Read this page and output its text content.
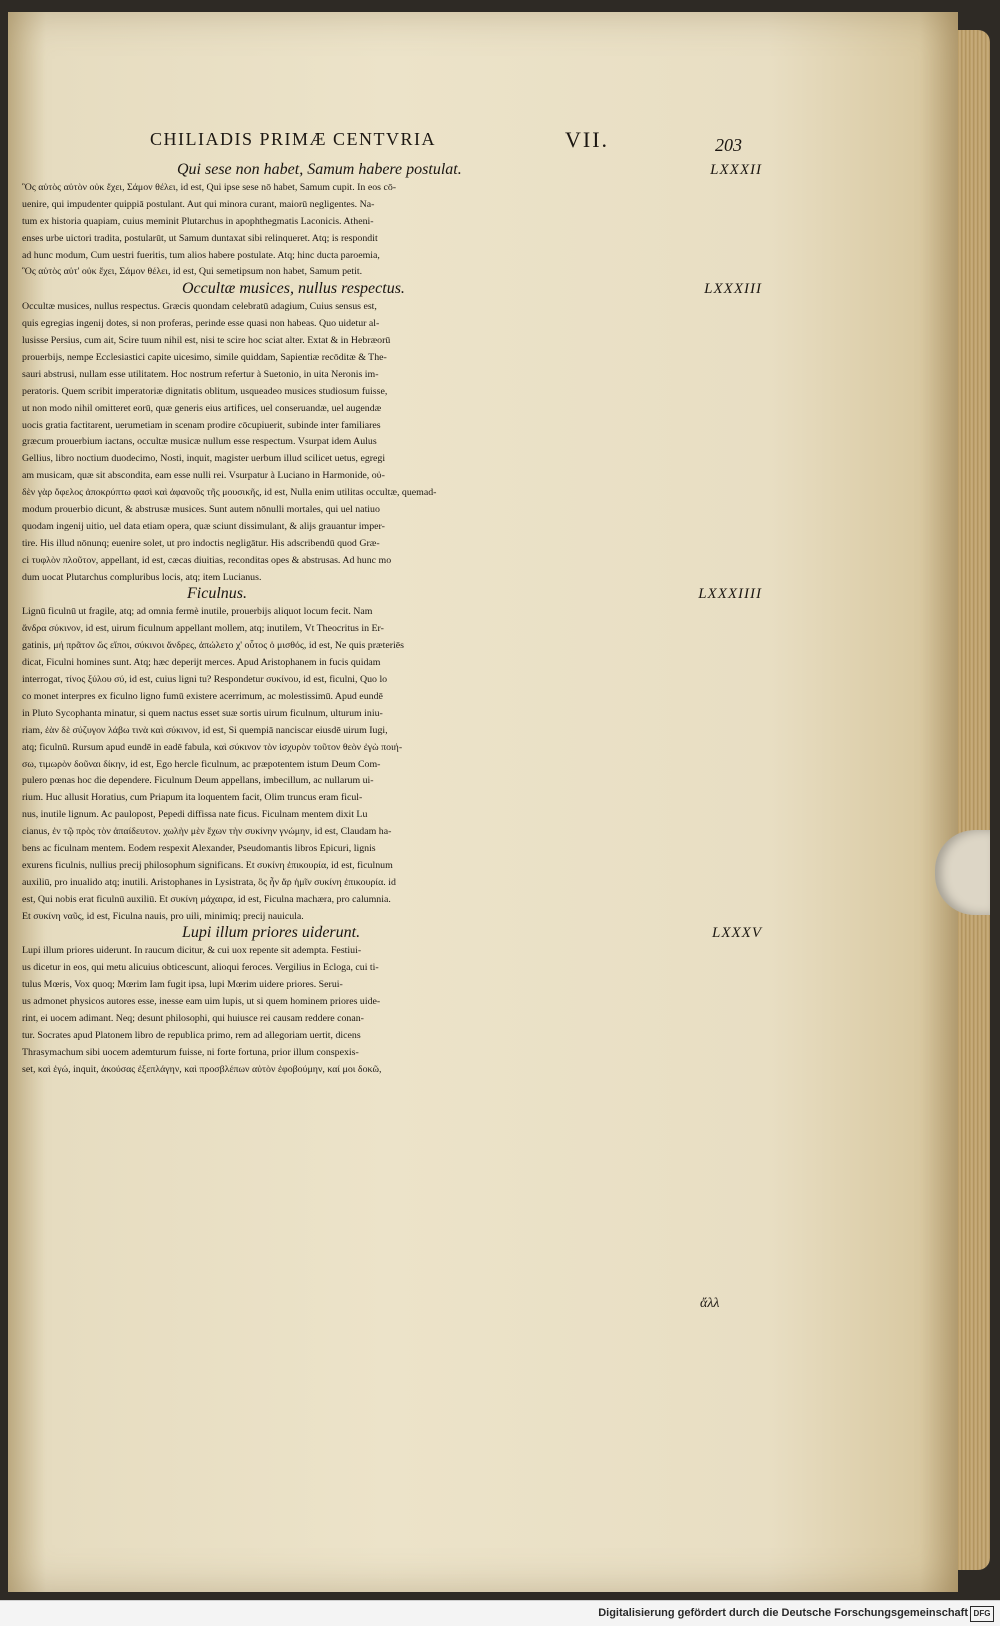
CHILIADIS PRIMÆ CENTVRIA	VII.	203
Qui sese non habet, Samum habere postulat.	LXXXII
Ὃς αὑτὸς αὑτὸν οὐκ ἔχει, Σάμον θέλει, id est, Qui ipse sese nō habet, Samum cupit. In eos cō-
uenire, qui impudenter quippiā postulant. Aut qui minora curant, maiorū negligentes. Na-
tum ex historia quapiam, cuius meminit Plutarchus in apophthegmatis Laconicis. Atheni-
enses urbe uictori tradita, postularūt, ut Samum duntaxat sibi relinqueret. Atq; is respondit
ad hunc modum, Cum uestri fueritis, tum alios habere postulate. Atq; hinc ducta paroemia,
Ὃς αὑτὸς αὑτ' οὐκ ἔχει, Σάμον θέλει, id est, Qui semetipsum non habet, Samum petit.
Occultæ musices, nullus respectus.	LXXXIII
Occultæ musices, nullus respectus. Græcis quondam celebratū adagium, Cuius sensus est,
quis egregias ingenij dotes, si non proferas, perinde esse quasi non habeas. Quo uidetur al-
lusisse Persius, cum ait, Scire tuum nihil est, nisi te scire hoc sciat alter. Extat & in Hebræorū
prouerbijs, nempe Ecclesiastici capite uicesimo, simile quiddam, Sapientiæ recōditæ & The-
sauri abstrusi, nullam esse utilitatem. Hoc nostrum refertur à Suetonio, in uita Neronis im-
peratoris. Quem scribit imperatoriæ dignitatis oblitum, usqueadeo musices studiosum fuisse,
ut non modo nihil omitteret eorū, quæ generis eius artifices, uel conseruandæ, uel augendæ
uocis gratia factitarent, uerumetiam in scenam prodire cōcupiuerit, subinde inter familiares
græcum prouerbium iactans, occultæ musicæ nullum esse respectum. Vsurpat idem Aulus
Gellius, libro noctium duodecimo, Nosti, inquit, magister uerbum illud scilicet uetus, egregi
am musicam, quæ sit abscondita, eam esse nulli rei. Vsurpatur à Luciano in Harmonide, οὐ-
δὲν γὰρ ὄφελος ἀποκρύπτω φασὶ καὶ ἀφανοῦς τῆς μουσικῆς, id est, Nulla enim utilitas occultæ, quemad-
modum prouerbio dicunt, & abstrusæ musices. Sunt autem nōnulli mortales, qui uel natiuo
quodam ingenij uitio, uel data etiam opera, quæ sciunt dissimulant, & alijs grauantur imper-
tire. His illud nōnunq; euenire solet, ut pro indoctis negligātur. His adscribendū quod Græ-
ci τυφλὸν πλοῦτον, appellant, id est, cæcas diuitias, reconditas opes & abstrusas. Ad hunc mo
dum uocat Plutarchus compluribus locis, atq; item Lucianus.
Ficulnus.	LXXXIIII
Lignū ficulnū ut fragile, atq; ad omnia fermè inutile, prouerbijs aliquot locum fecit. Nam
ἄνδρα σύκινον, id est, uirum ficulnum appellant mollem, atq; inutilem, Vt Theocritus in Er-
gatinis, μή πρᾶτον ὥς εἴποι, σύκινοι ἄνδρες, ἀπώλετο χ' οὗτος ὁ μισθός, id est, Ne quis præteriēs
dicat, Ficulni homines sunt. Atq; hæc deperijt merces. Apud Aristophanem in fucis quidam
interrogat, τίνος ξύλου σύ, id est, cuius ligni tu? Respondetur συκίνου, id est, ficulni, Quo lo
co monet interpres ex ficulno ligno fumū existere acerrimum, ac molestissimū. Apud eundē
in Pluto Sycophanta minatur, si quem nactus esset suæ sortis uirum ficulnum, ulturum iniu-
riam, ἐὰν δὲ σύζυγον λάβω τινὰ καὶ σύκινον, id est, Si quempiā nanciscar eiusdē uirum Iugi,
atq; ficulnū. Rursum apud eundē in eadē fabula, καὶ σύκινον τὸν ἰσχυρὸν τοῦτον θεὸν ἐγὼ ποιή-
σω, τιμωρὸν δοῦναι δίκην, id est, Ego hercle ficulnum, ac præpotentem istum Deum Com-
pulero pœnas hoc die dependere. Ficulnum Deum appellans, imbecillum, ac nullarum ui-
rium. Huc allusit Horatius, cum Priapum ita loquentem facit, Olim truncus eram ficul-
nus, inutile lignum. Ac paulopost, Pepedi diffissa nate ficus. Ficulnam mentem dixit Lu
cianus, ἐν τῷ πρὸς τὸν ἀπαίδευτον. χωλὴν μὲν ἔχων τὴν συκίνην γνώμην, id est, Claudam ha-
bens ac ficulnam mentem. Eodem respexit Alexander, Pseudomantis libros Epicuri, lignis
exurens ficulnis, nullius precij philosophum significans. Et συκίνη ἐπικουρία, id est, ficulnum
auxiliū, pro inualido atq; inutili. Aristophanes in Lysistrata, ὃς ἦν ἄρ ἡμῖν συκίνη ἐπικουρία. id
est, Qui nobis erat ficulnū auxiliū. Et συκίνη μάχαιρα, id est, Ficulna machæra, pro calumnia.
Et συκίνη ναῦς, id est, Ficulna nauis, pro uili, minimiq; precij nauicula.
Lupi illum priores uiderunt.	LXXXV
Lupi illum priores uiderunt. In raucum dicitur, & cui uox repente sit adempta. Festiui-
us dicetur in eos, qui metu alicuius obticescunt, alioqui feroces. Vergilius in Ecloga, cui ti-
tulus Mœris, Vox quoq; Mœrim Iam fugit ipsa, lupi Mœrim uidere priores. Serui-
us admonet physicos autores esse, inesse eam uim lupis, ut si quem hominem priores uide-
rint, ei uocem adimant. Neq; desunt philosophi, qui huiusce rei causam reddere conan-
tur. Socrates apud Platonem libro de republica primo, rem ad allegoriam uertit, dicens
Thrasymachum sibi uocem ademturum fuisse, ni forte fortuna, prior illum conspexis-
set, καὶ ἐγώ, inquit, ἀκούσας ἐξεπλάγην, καὶ προσβλέπων αὐτὸν ἐφοβούμην, καί μοι δοκῶ,
ἄλλ
Digitalisierung gefördert durch die Deutsche Forschungsgemeinschaft DFG
